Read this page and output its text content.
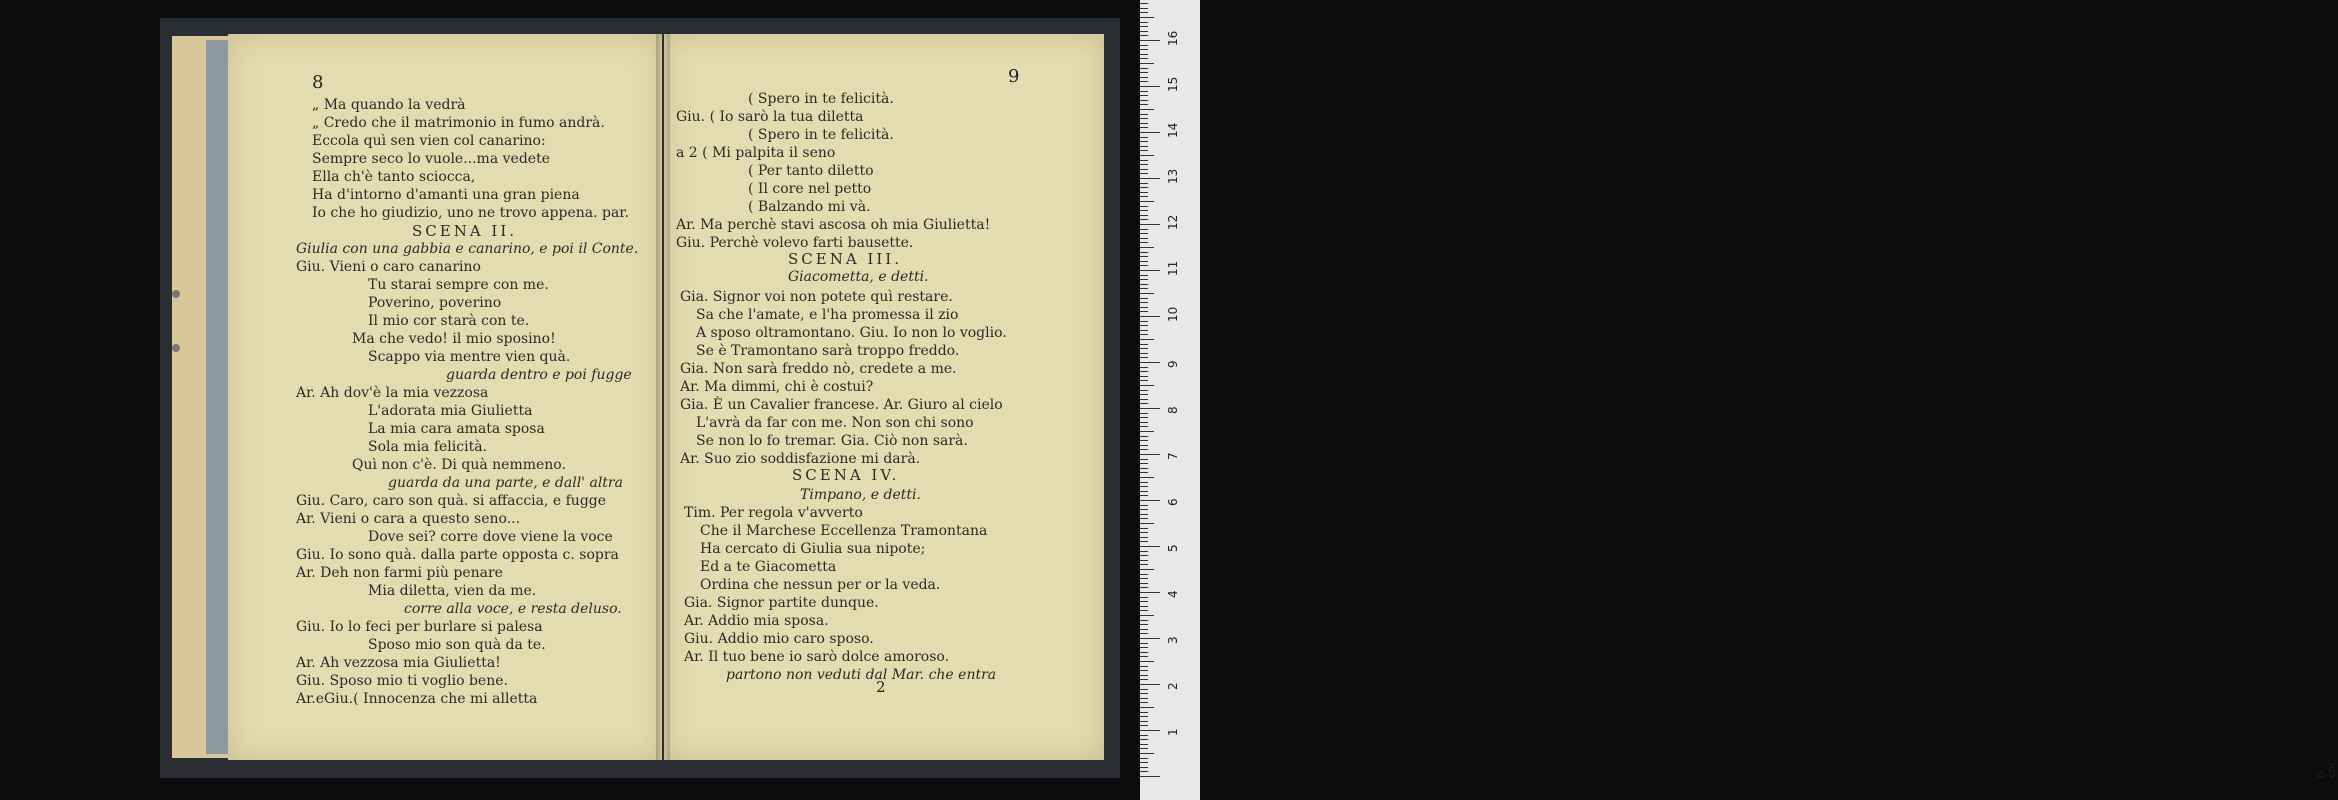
8	9
2
„ Ma quando la vedrà
„ Credo che il matrimonio in fumo andrà.
Eccola quì sen vien col canarino:
Sempre seco lo vuole...ma vedete
Ella ch'è tanto sciocca,
Ha d'intorno d'amanti una gran piena
Io che ho giudizio, uno ne trovo appena. par.
SCENA II.
Giulia con una gabbia e canarino, e poi il Conte.
Giu. Vieni o caro canarino
Tu starai sempre con me.
Poverino, poverino
Il mio cor starà con te.
Ma che vedo! il mio sposino!
Scappo via mentre vien quà.
guarda dentro e poi fugge
Ar. Ah dov'è la mia vezzosa
L'adorata mia Giulietta
La mia cara amata sposa
Sola mia felicità.
Quì non c'è. Di quà nemmeno.
guarda da una parte, e dall' altra
Giu. Caro, caro son quà. si affaccia, e fugge
Ar. Vieni o cara a questo seno...
Dove sei? corre dove viene la voce
Giu. Io sono quà. dalla parte opposta c. sopra
Ar. Deh non farmi più penare
Mia diletta, vien da me.
corre alla voce, e resta deluso.
Giu. Io lo feci per burlare si palesa
Sposo mio son quà da te.
Ar. Ah vezzosa mia Giulietta!
Giu. Sposo mio ti voglio bene.
Ar.eGiu.( Innocenza che mi alletta
( Spero in te felicità.
Giu. ( Io sarò la tua diletta
( Spero in te felicità.
a 2 ( Mi palpita il seno
( Per tanto diletto
( Il core nel petto
( Balzando mi và.
Ar. Ma perchè stavi ascosa oh mia Giulietta!
Giu. Perchè volevo farti bausette.
SCENA III.
Giacometta, e detti.
Gia. Signor voi non potete quì restare.
Sa che l'amate, e l'ha promessa il zio
A sposo oltramontano. Giu. Io non lo voglio.
Se è Tramontano sarà troppo freddo.
Gia. Non sarà freddo nò, credete a me.
Ar. Ma dimmi, chi è costui?
Gia. È un Cavalier francese. Ar. Giuro al cielo
L'avrà da far con me. Non son chi sono
Se non lo fo tremar. Gia. Ciò non sarà.
Ar. Suo zio soddisfazione mi darà.
SCENA IV.
Timpano, e detti.
Tim. Per regola v'avverto
Che il Marchese Eccellenza Tramontana
Ha cercato di Giulia sua nipote;
Ed a te Giacometta
Ordina che nessun per or la veda.
Gia. Signor partite dunque.
Ar. Addio mia sposa.
Giu. Addio mio caro sposo.
Ar. Il tuo bene io sarò dolce amoroso.
partono non veduti dal Mar. che entra
0 cm
1
2
3
4
5
6
7
8
9
10
11
12
13
14
15
16
